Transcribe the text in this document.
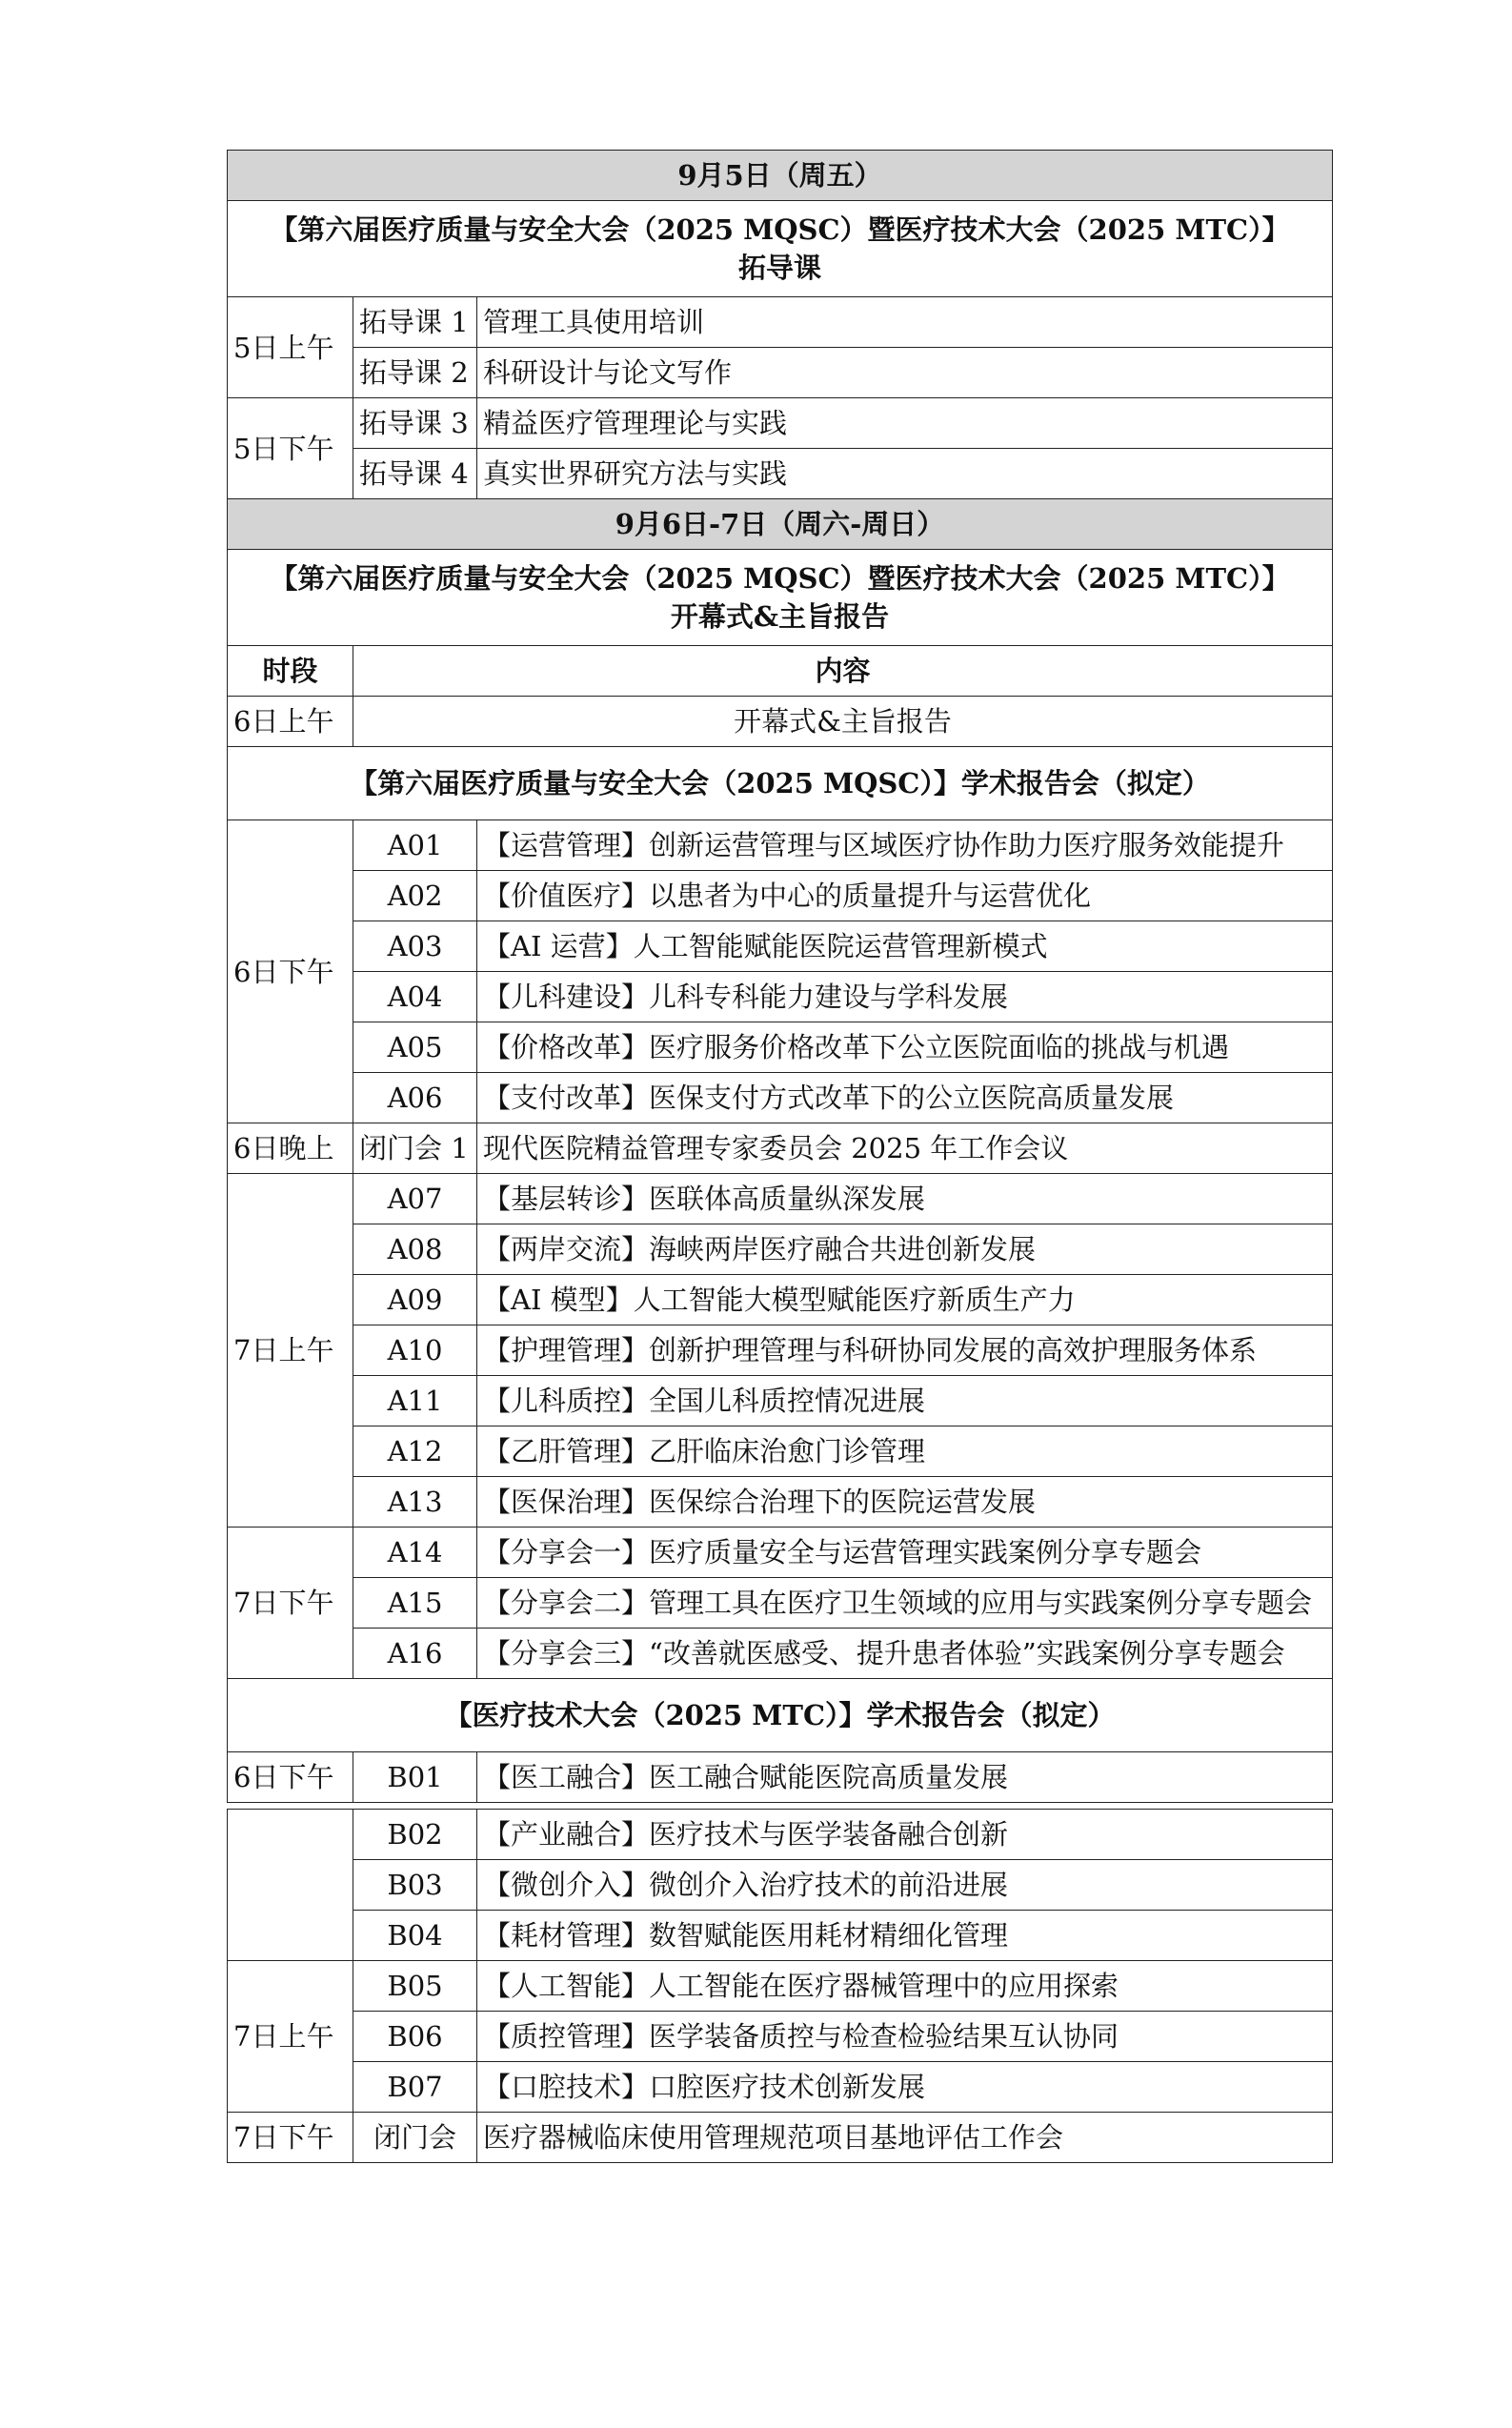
9月5日（周五）		

【第六届医疗质量与安全大会（2025 MQSC）暨医疗技术大会（2025 MTC）】
拓导课		

5日上午	拓导课 1	管理工具使用培训
	拓导课 2	科研设计与论文写作
5日下午	拓导课 3	精益医疗管理理论与实践
	拓导课 4	真实世界研究方法与实践
9月6日-7日（周六-周日）		

【第六届医疗质量与安全大会（2025 MQSC）暨医疗技术大会（2025 MTC）】
开幕式&主旨报告		

时段	内容	
6日上午	开幕式&主旨报告	
【第六届医疗质量与安全大会（2025 MQSC）】学术报告会（拟定）		
6日下午	A01	【运营管理】创新运营管理与区域医疗协作助力医疗服务效能提升
	A02	【价值医疗】以患者为中心的质量提升与运营优化
	A03	【AI 运营】人工智能赋能医院运营管理新模式
	A04	【儿科建设】儿科专科能力建设与学科发展
	A05	【价格改革】医疗服务价格改革下公立医院面临的挑战与机遇
	A06	【支付改革】医保支付方式改革下的公立医院高质量发展
6日晚上	闭门会 1	现代医院精益管理专家委员会 2025 年工作会议
7日上午	A07	【基层转诊】医联体高质量纵深发展
	A08	【两岸交流】海峡两岸医疗融合共进创新发展
	A09	【AI 模型】人工智能大模型赋能医疗新质生产力
	A10	【护理管理】创新护理管理与科研协同发展的高效护理服务体系
	A11	【儿科质控】全国儿科质控情况进展
	A12	【乙肝管理】乙肝临床治愈门诊管理
	A13	【医保治理】医保综合治理下的医院运营发展
7日下午	A14	【分享会一】医疗质量安全与运营管理实践案例分享专题会
	A15	【分享会二】管理工具在医疗卫生领域的应用与实践案例分享专题会
	A16	【分享会三】“改善就医感受、提升患者体验”实践案例分享专题会
【医疗技术大会（2025 MTC）】学术报告会（拟定）		
6日下午	B01	【医工融合】医工融合赋能医院高质量发展

	B02	【产业融合】医疗技术与医学装备融合创新
	B03	【微创介入】微创介入治疗技术的前沿进展
	B04	【耗材管理】数智赋能医用耗材精细化管理
7日上午	B05	【人工智能】人工智能在医疗器械管理中的应用探索
	B06	【质控管理】医学装备质控与检查检验结果互认协同
	B07	【口腔技术】口腔医疗技术创新发展
7日下午	闭门会	医疗器械临床使用管理规范项目基地评估工作会
